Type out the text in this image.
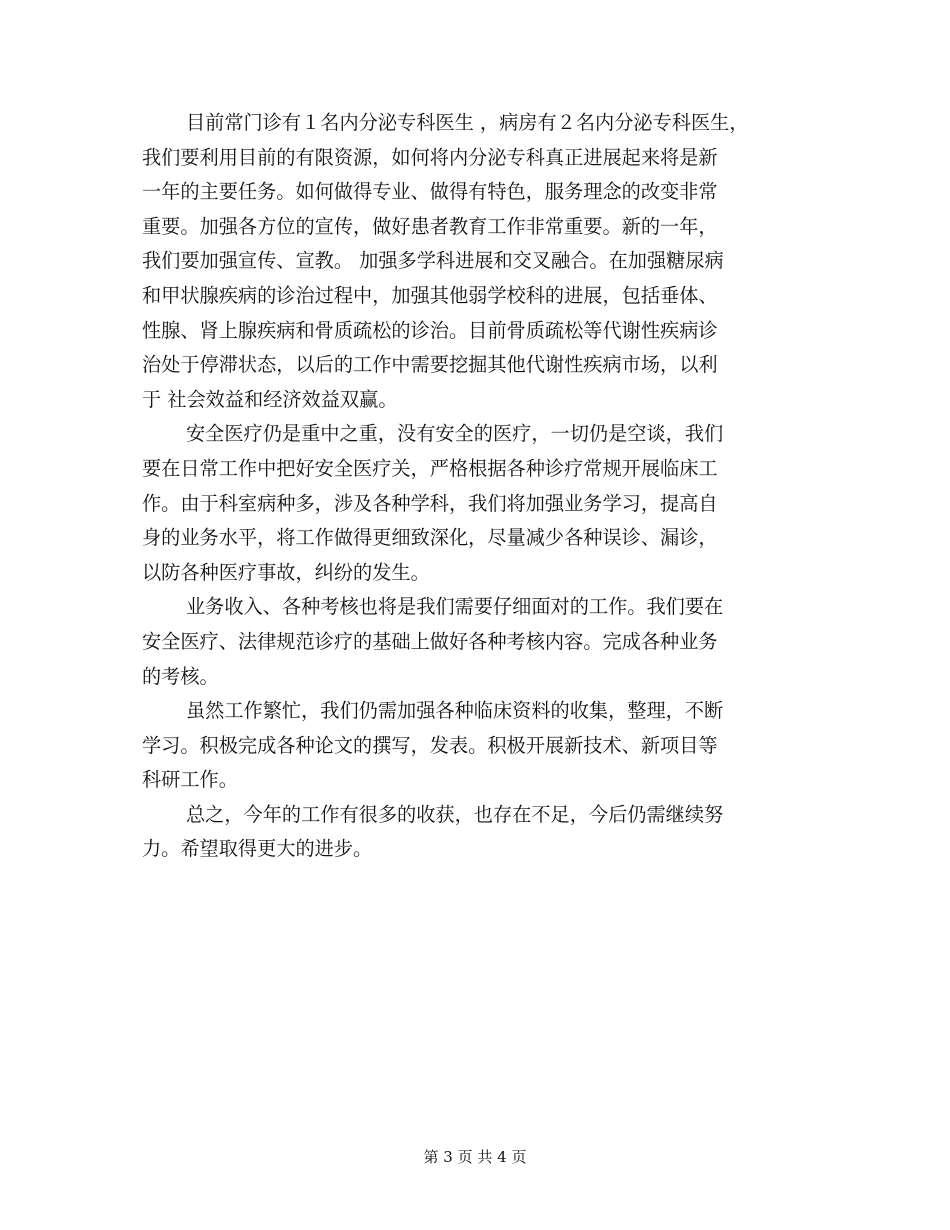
目前常门诊有１名内分泌专科医生 ，病房有２名内分泌专科医生，
我们要利用目前的有限资源，如何将内分泌专科真正进展起来将是新
一年的主要任务。如何做得专业、做得有特色，服务理念的改变非常
重要。加强各方位的宣传，做好患者教育工作非常重要。新的一年，
我们要加强宣传、宣教。 加强多学科进展和交叉融合。在加强糖尿病
和甲状腺疾病的诊治过程中，加强其他弱学校科的进展，包括垂体、
性腺、肾上腺疾病和骨质疏松的诊治。目前骨质疏松等代谢性疾病诊
治处于停滞状态，以后的工作中需要挖掘其他代谢性疾病市场，以利
于 社会效益和经济效益双赢。
安全医疗仍是重中之重，没有安全的医疗，一切仍是空谈，我们
要在日常工作中把好安全医疗关，严格根据各种诊疗常规开展临床工
作。由于科室病种多，涉及各种学科，我们将加强业务学习，提高自
身的业务水平，将工作做得更细致深化，尽量减少各种误诊、漏诊，
以防各种医疗事故，纠纷的发生。
业务收入、各种考核也将是我们需要仔细面对的工作。我们要在
安全医疗、法律规范诊疗的基础上做好各种考核内容。完成各种业务
的考核。
虽然工作繁忙，我们仍需加强各种临床资料的收集，整理，不断
学习。积极完成各种论文的撰写，发表。积极开展新技术、新项目等
科研工作。
总之，今年的工作有很多的收获，也存在不足，今后仍需继续努
力。希望取得更大的进步。
第 3 页 共 4 页
